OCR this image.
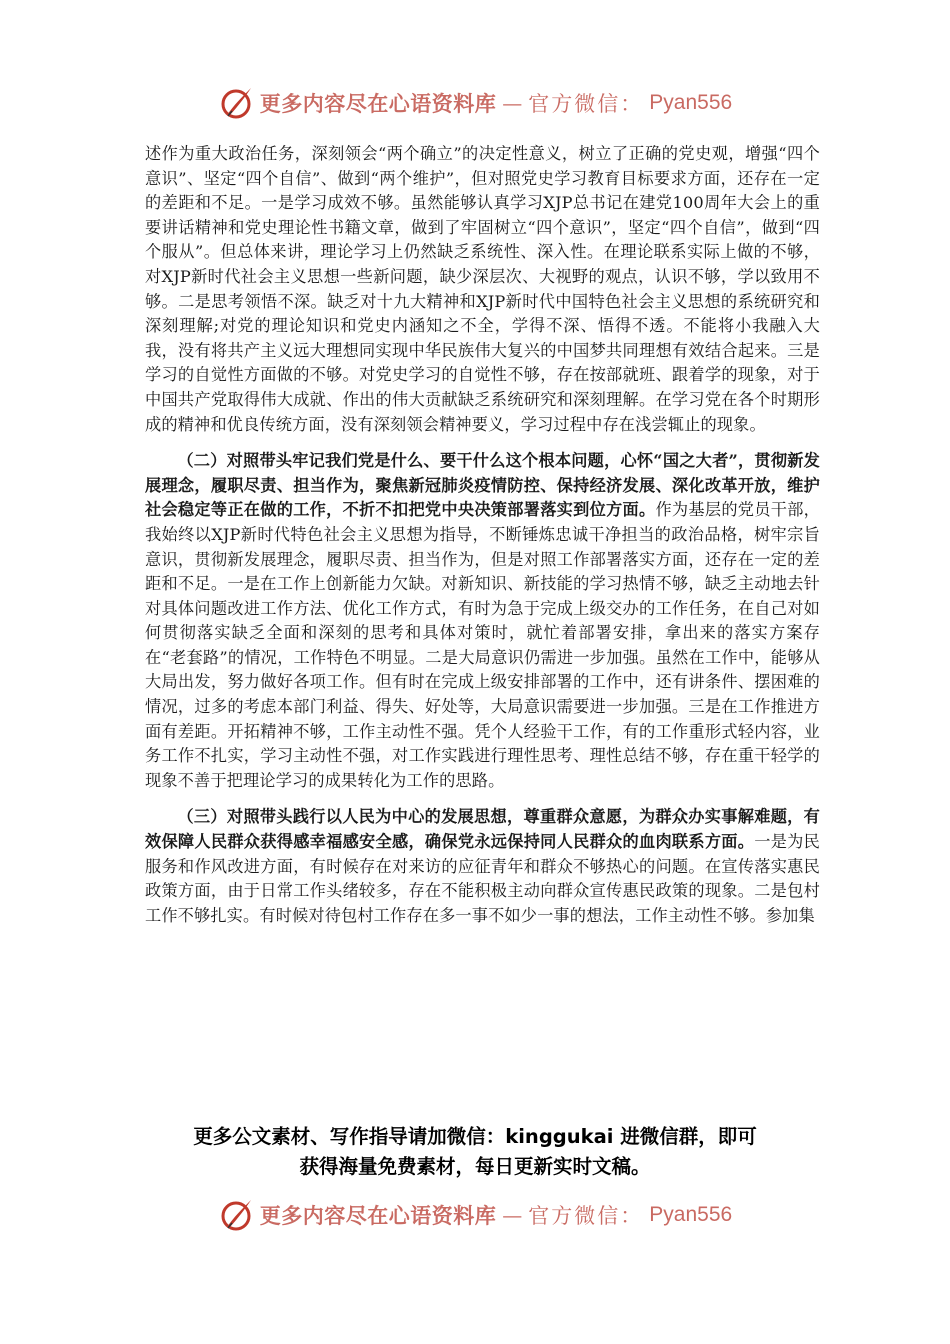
更多内容尽在心语资料库 — 官方微信： Pyan556

述作为重大政治任务，深刻领会“两个确立”的决定性意义，树立了正确的党史观，增强“四个意识”、坚定“四个自信”、做到“两个维护”，但对照党史学习教育目标要求方面，还存在一定的差距和不足。一是学习成效不够。虽然能够认真学习XJP总书记在建党100周年大会上的重要讲话精神和党史理论性书籍文章，做到了牢固树立“四个意识”，坚定“四个自信”，做到“四个服从”。但总体来讲，理论学习上仍然缺乏系统性、深入性。在理论联系实际上做的不够，对XJP新时代社会主义思想一些新问题，缺少深层次、大视野的观点，认识不够，学以致用不够。二是思考领悟不深。缺乏对十九大精神和XJP新时代中国特色社会主义思想的系统研究和深刻理解;对党的理论知识和党史内涵知之不全，学得不深、悟得不透。不能将小我融入大我，没有将共产主义远大理想同实现中华民族伟大复兴的中国梦共同理想有效结合起来。三是学习的自觉性方面做的不够。对党史学习的自觉性不够，存在按部就班、跟着学的现象，对于中国共产党取得伟大成就、作出的伟大贡献缺乏系统研究和深刻理解。在学习党在各个时期形成的精神和优良传统方面，没有深刻领会精神要义，学习过程中存在浅尝辄止的现象。

（二）对照带头牢记我们党是什么、要干什么这个根本问题，心怀“国之大者”，贯彻新发展理念，履职尽责、担当作为，聚焦新冠肺炎疫情防控、保持经济发展、深化改革开放，维护社会稳定等正在做的工作，不折不扣把党中央决策部署落实到位方面。作为基层的党员干部，我始终以XJP新时代特色社会主义思想为指导，不断锤炼忠诚干净担当的政治品格，树牢宗旨意识，贯彻新发展理念，履职尽责、担当作为，但是对照工作部署落实方面，还存在一定的差距和不足。一是在工作上创新能力欠缺。对新知识、新技能的学习热情不够，缺乏主动地去针对具体问题改进工作方法、优化工作方式，有时为急于完成上级交办的工作任务，在自己对如何贯彻落实缺乏全面和深刻的思考和具体对策时，就忙着部署安排，拿出来的落实方案存在“老套路”的情况，工作特色不明显。二是大局意识仍需进一步加强。虽然在工作中，能够从大局出发，努力做好各项工作。但有时在完成上级安排部署的工作中，还有讲条件、摆困难的情况，过多的考虑本部门利益、得失、好处等，大局意识需要进一步加强。三是在工作推进方面有差距。开拓精神不够，工作主动性不强。凭个人经验干工作，有的工作重形式轻内容，业务工作不扎实，学习主动性不强，对工作实践进行理性思考、理性总结不够，存在重干轻学的现象不善于把理论学习的成果转化为工作的思路。

（三）对照带头践行以人民为中心的发展思想，尊重群众意愿，为群众办实事解难题，有效保障人民群众获得感幸福感安全感，确保党永远保持同人民群众的血肉联系方面。一是为民服务和作风改进方面，有时候存在对来访的应征青年和群众不够热心的问题。在宣传落实惠民政策方面，由于日常工作头绪较多，存在不能积极主动向群众宣传惠民政策的现象。二是包村工作不够扎实。有时候对待包村工作存在多一事不如少一事的想法，工作主动性不够。参加集

更多公文素材、写作指导请加微信：kinggukai 进微信群，即可
获得海量免费素材，每日更新实时文稿。
更多内容尽在心语资料库 — 官方微信： Pyan556
